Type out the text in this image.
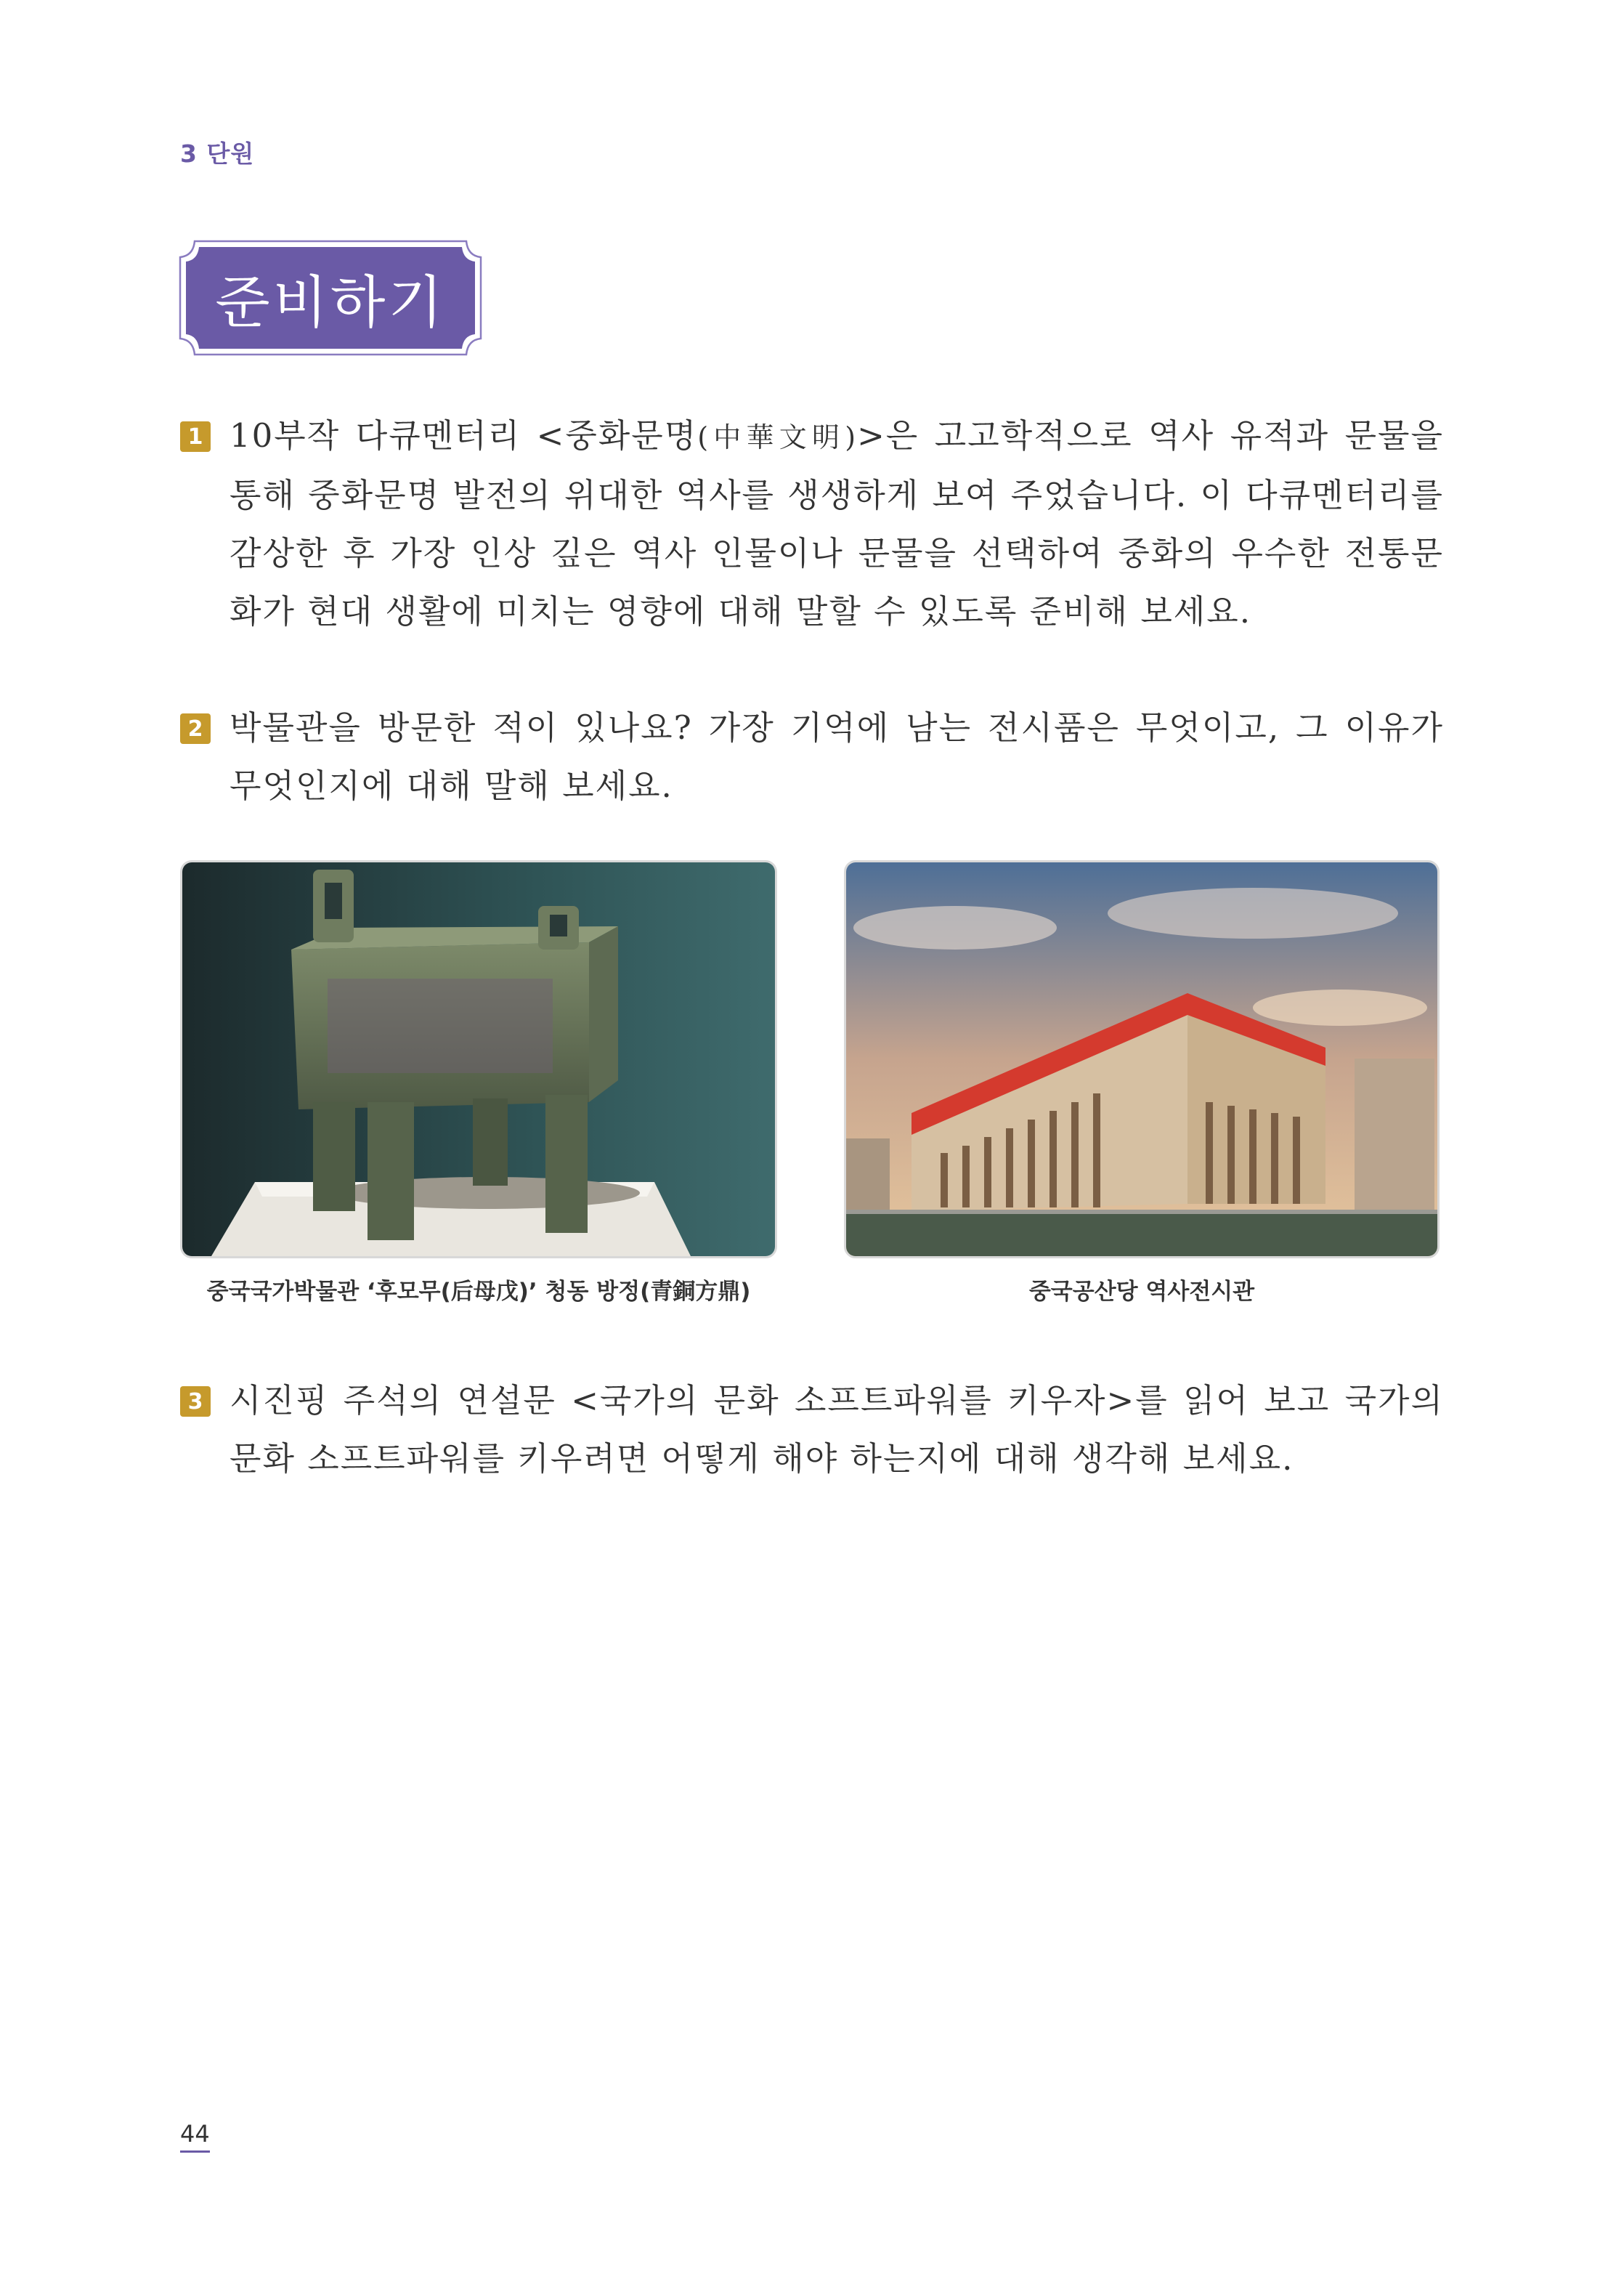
3 단원
준비하기
1 10부작 다큐멘터리 <중화문명(中華文明)>은 고고학적으로 역사 유적과 문물을 통해 중화문명 발전의 위대한 역사를 생생하게 보여 주었습니다. 이 다큐멘터리를 감상한 후 가장 인상 깊은 역사 인물이나 문물을 선택하여 중화의 우수한 전통문화가 현대 생활에 미치는 영향에 대해 말할 수 있도록 준비해 보세요.
2 박물관을 방문한 적이 있나요? 가장 기억에 남는 전시품은 무엇이고, 그 이유가 무엇인지에 대해 말해 보세요.
중국국가박물관 ‘후모무(后母戊)’ 청동 방정(青銅方鼎)	중국공산당 역사전시관
3 시진핑 주석의 연설문 <국가의 문화 소프트파워를 키우자>를 읽어 보고 국가의 문화 소프트파워를 키우려면 어떻게 해야 하는지에 대해 생각해 보세요.
44
